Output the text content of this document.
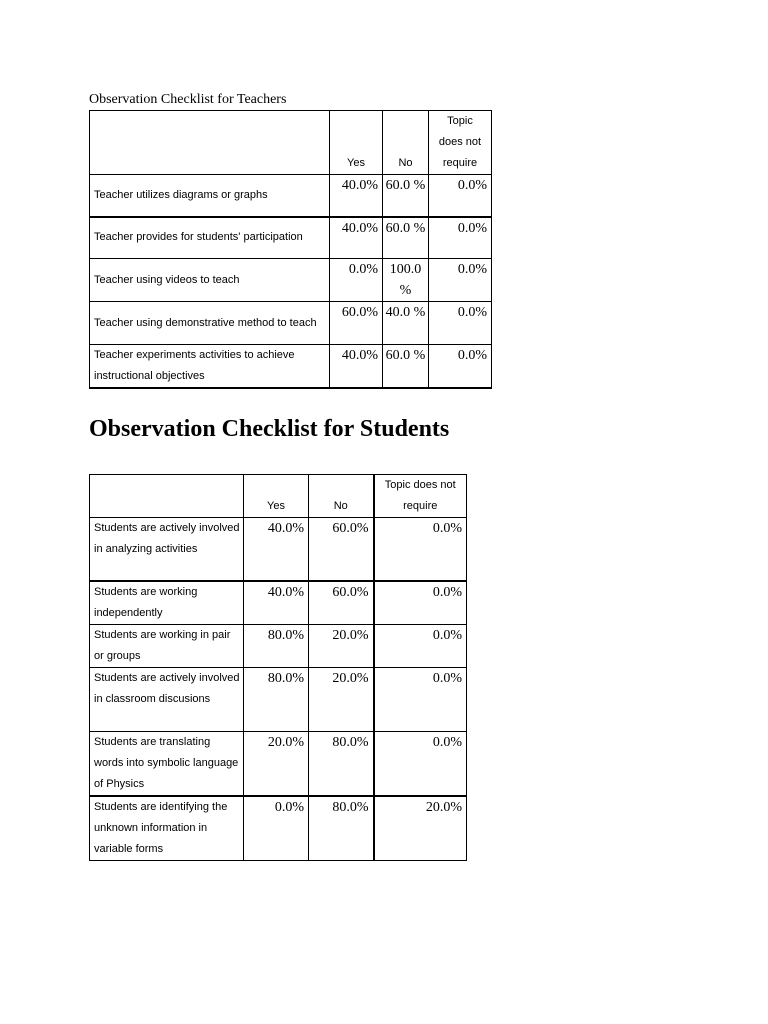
Observation Checklist for Teachers
	Yes	No	Topic does not require
Teacher utilizes diagrams or graphs	40.0%	60.0 %	0.0%
Teacher provides for students' participation	40.0%	60.0 %	0.0%
Teacher using videos to teach	0.0%	100.0 %	0.0%
Teacher using demonstrative method to teach	60.0%	40.0 %	0.0%
Teacher experiments activities to achieve instructional objectives	40.0%	60.0 %	0.0%
Observation Checklist for Students
	Yes	No	Topic does not require
Students are actively involved in analyzing activities	40.0%	60.0%	0.0%
Students are working independently	40.0%	60.0%	0.0%
Students are working in pair or groups	80.0%	20.0%	0.0%
Students are actively involved in classroom discusions	80.0%	20.0%	0.0%
Students are translating words into symbolic language of Physics	20.0%	80.0%	0.0%
Students are identifying the unknown information in variable forms	0.0%	80.0%	20.0%
